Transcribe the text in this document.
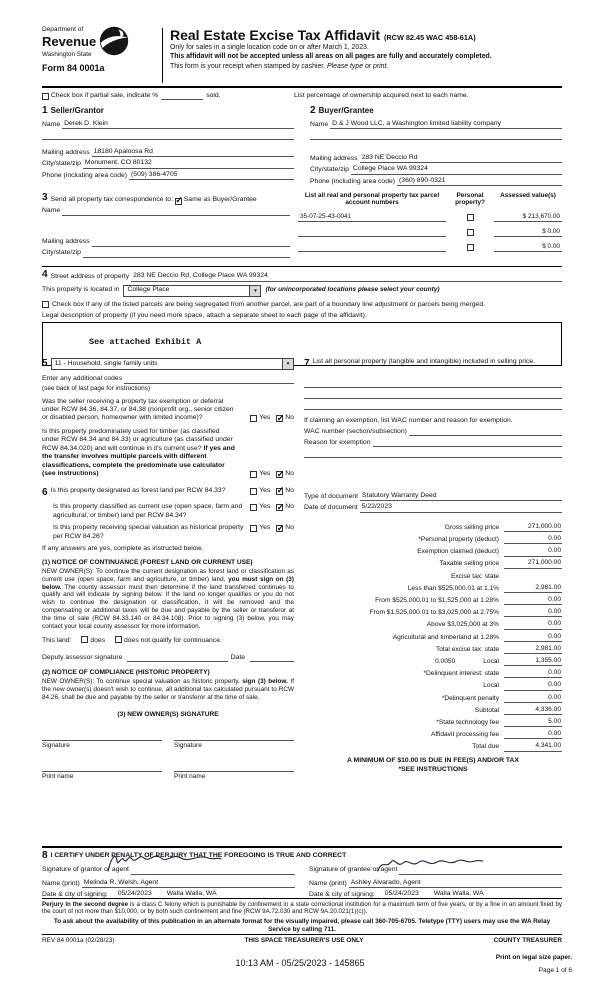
Department of
Revenue
Washington State
Form 84 0001a
Real Estate Excise Tax Affidavit (RCW 82.45 WAC 458-61A)
Only for sales in a single location code on or after March 1, 2023.
This affidavit will not be accepted unless all areas on all pages are fully and accurately completed.
This form is your receipt when stamped by cashier. Please type or print.

Check box if partial sale, indicate %	sold.	List percentage of ownership acquired next to each name.
1 Seller/Grantor
Name Derek D. Klein
Mailing address 18180 Apaloosa Rd
City/state/zip Monument, CO 80132
Phone (including area code) (509) 386-4705
2 Buyer/Grantee
Name D & J Wood LLC, a Washington limited liability company
Mailing address 283 NE Deccio Rd
City/state/zip College Place WA 99324
Phone (including area code) (360) 890-0321
3 Send all property tax correspondence to:
✓
Same as Buyer/Grantee
Name
Mailing address
City/state/zip
List all real and personal property tax parcel account numbers
Personal property?
Assessed value(s)
35-07-25-43-0041	$ 213,670.00
$ 0.00
$ 0.00
4 Street address of property 283 NE Deccio Rd, College Place WA 99324
This property is located in	College Place	▼	(for unincorporated locations please select your county)
Check box if any of the listed parcels are being segregated from another parcel, are part of a boundary line adjustment or parcels being merged.
Legal description of property (if you need more space, attach a separate sheet to each page of the affidavit).
See attached Exhibit A
5	11 - Household, single family units	▼
Enter any additional codes
(see back of last page for instructions)
Was the seller receiving a property tax exemption or deferral under RCW 84.36, 84.37, or 84.38 (nonprofit org., senior citizen or disabled person, homeowner with limited income)?	Yes ✓ No
Is this property predominately used for timber (as classified under RCW 84.34 and 84.33) or agriculture (as classified under RCW 84.34.020) and will continue in it's current use? If yes and the transfer involves multiple parcels with different classifications, complete the predominate use calculator (see instructions)	Yes ✓ No
6 Is this property designated as forest land per RCW 84.33?	Yes ✓ No
Is this property classified as current use (open space, farm and agricultural, or timber) land per RCW 84.34?
Yes ✓ No
Is this property receiving special valuation as historical property per RCW 84.26?
Yes ✓ No
If any answers are yes, complete as instructed below.
(1) NOTICE OF CONTINUANCE (FOREST LAND OR CURRENT USE)
NEW OWNER(S): To continue the current designation as forest land or classification as current use (open space, farm and agriculture, or timber) land, you must sign on (3) below. The county assessor must then determine if the land transferred continues to qualify and will indicate by signing below. If the land no longer qualifies or you do not wish to continue the designation or classification, it will be removed and the compensating or additional taxes will be due and payable by the seller or transferor at the time of sale (RCW 84.33.140 or 84.34.108). Prior to signing (3) below, you may contact your local county assessor for more information.
This land:	does	does not qualify for continuance.
Deputy assessor signature	Date
(2) NOTICE OF COMPLIANCE (HISTORIC PROPERTY)
NEW OWNER(S): To continue special valuation as historic property, sign (3) below. If the new owner(s) doesn't wish to continue, all additional tax calculated pursuant to RCW 84.26, shall be due and payable by the seller or transferor at the time of sale.
(3) NEW OWNER(S) SIGNATURE
Signature	Signature
Print name	Print name
7 List all personal property (tangible and intangible) included in selling price.
If claiming an exemption, list WAC number and reason for exemption.
WAC number (section/subsection)
Reason for exemption
Type of document Statutory Warranty Deed
Date of document 5/22/2023
Gross selling price	271,000.00
*Personal property (deduct)	0.00
Exemption claimed (deduct)	0.00
Taxable selling price	271,000.00
Excise tax: state
Less than $525,000.01 at 1.1%	2,981.00
From $525,000.01 to $1,525,000 at 1.28%	0.00
From $1,525,000.01 to $3,025,000 at 2.75%	0.00
Above $3,025,000 at 3%	0.00
Agricultural and timberland at 1.28%	0.00
Total excise tax: state	2,981.00
0.0050	Local	1,355.00
*Delinquent interest: state	0.00
Local	0.00
*Delinquent penalty	0.00
Subtotal	4,336.00
*State technology fee	5.00
Affidavit processing fee	0.00
Total due	4,341.00
A MINIMUM OF $10.00 IS DUE IN FEE(S) AND/OR TAX
*SEE INSTRUCTIONS
8 I CERTIFY UNDER PENALTY OF PERJURY THAT THE FOREGOING IS TRUE AND CORRECT
Signature of grantor or agent
Name (print) Melinda R. Welsh, Agent
Date & city of signing:	05/24/2023	Walla Walla, WA
Signature of grantee or agent
Name (print) Ashley Alvarado, Agent
Date & city of signing:	05/24/2023	Walla Walla, WA
Perjury in the second degree is a class C felony which is punishable by confinement in a state correctional institution for a maximum term of five years, or by a fine in an amount fixed by the court of not more than $10,000, or by both such confinement and fine (RCW 9A.72.030 and RCW 9A.20.021(1)(c)).
To ask about the availability of this publication in an alternate format for the visually impaired, please call 360-705-6705. Teletype (TTY) users may use the WA Relay Service by calling 711.
REV 84 0001a (02/28/23)	THIS SPACE TREASURER'S USE ONLY	COUNTY TREASURER
10:13 AM - 05/25/2023 - 145865
Print on legal size paper.
Page 1 of 6
